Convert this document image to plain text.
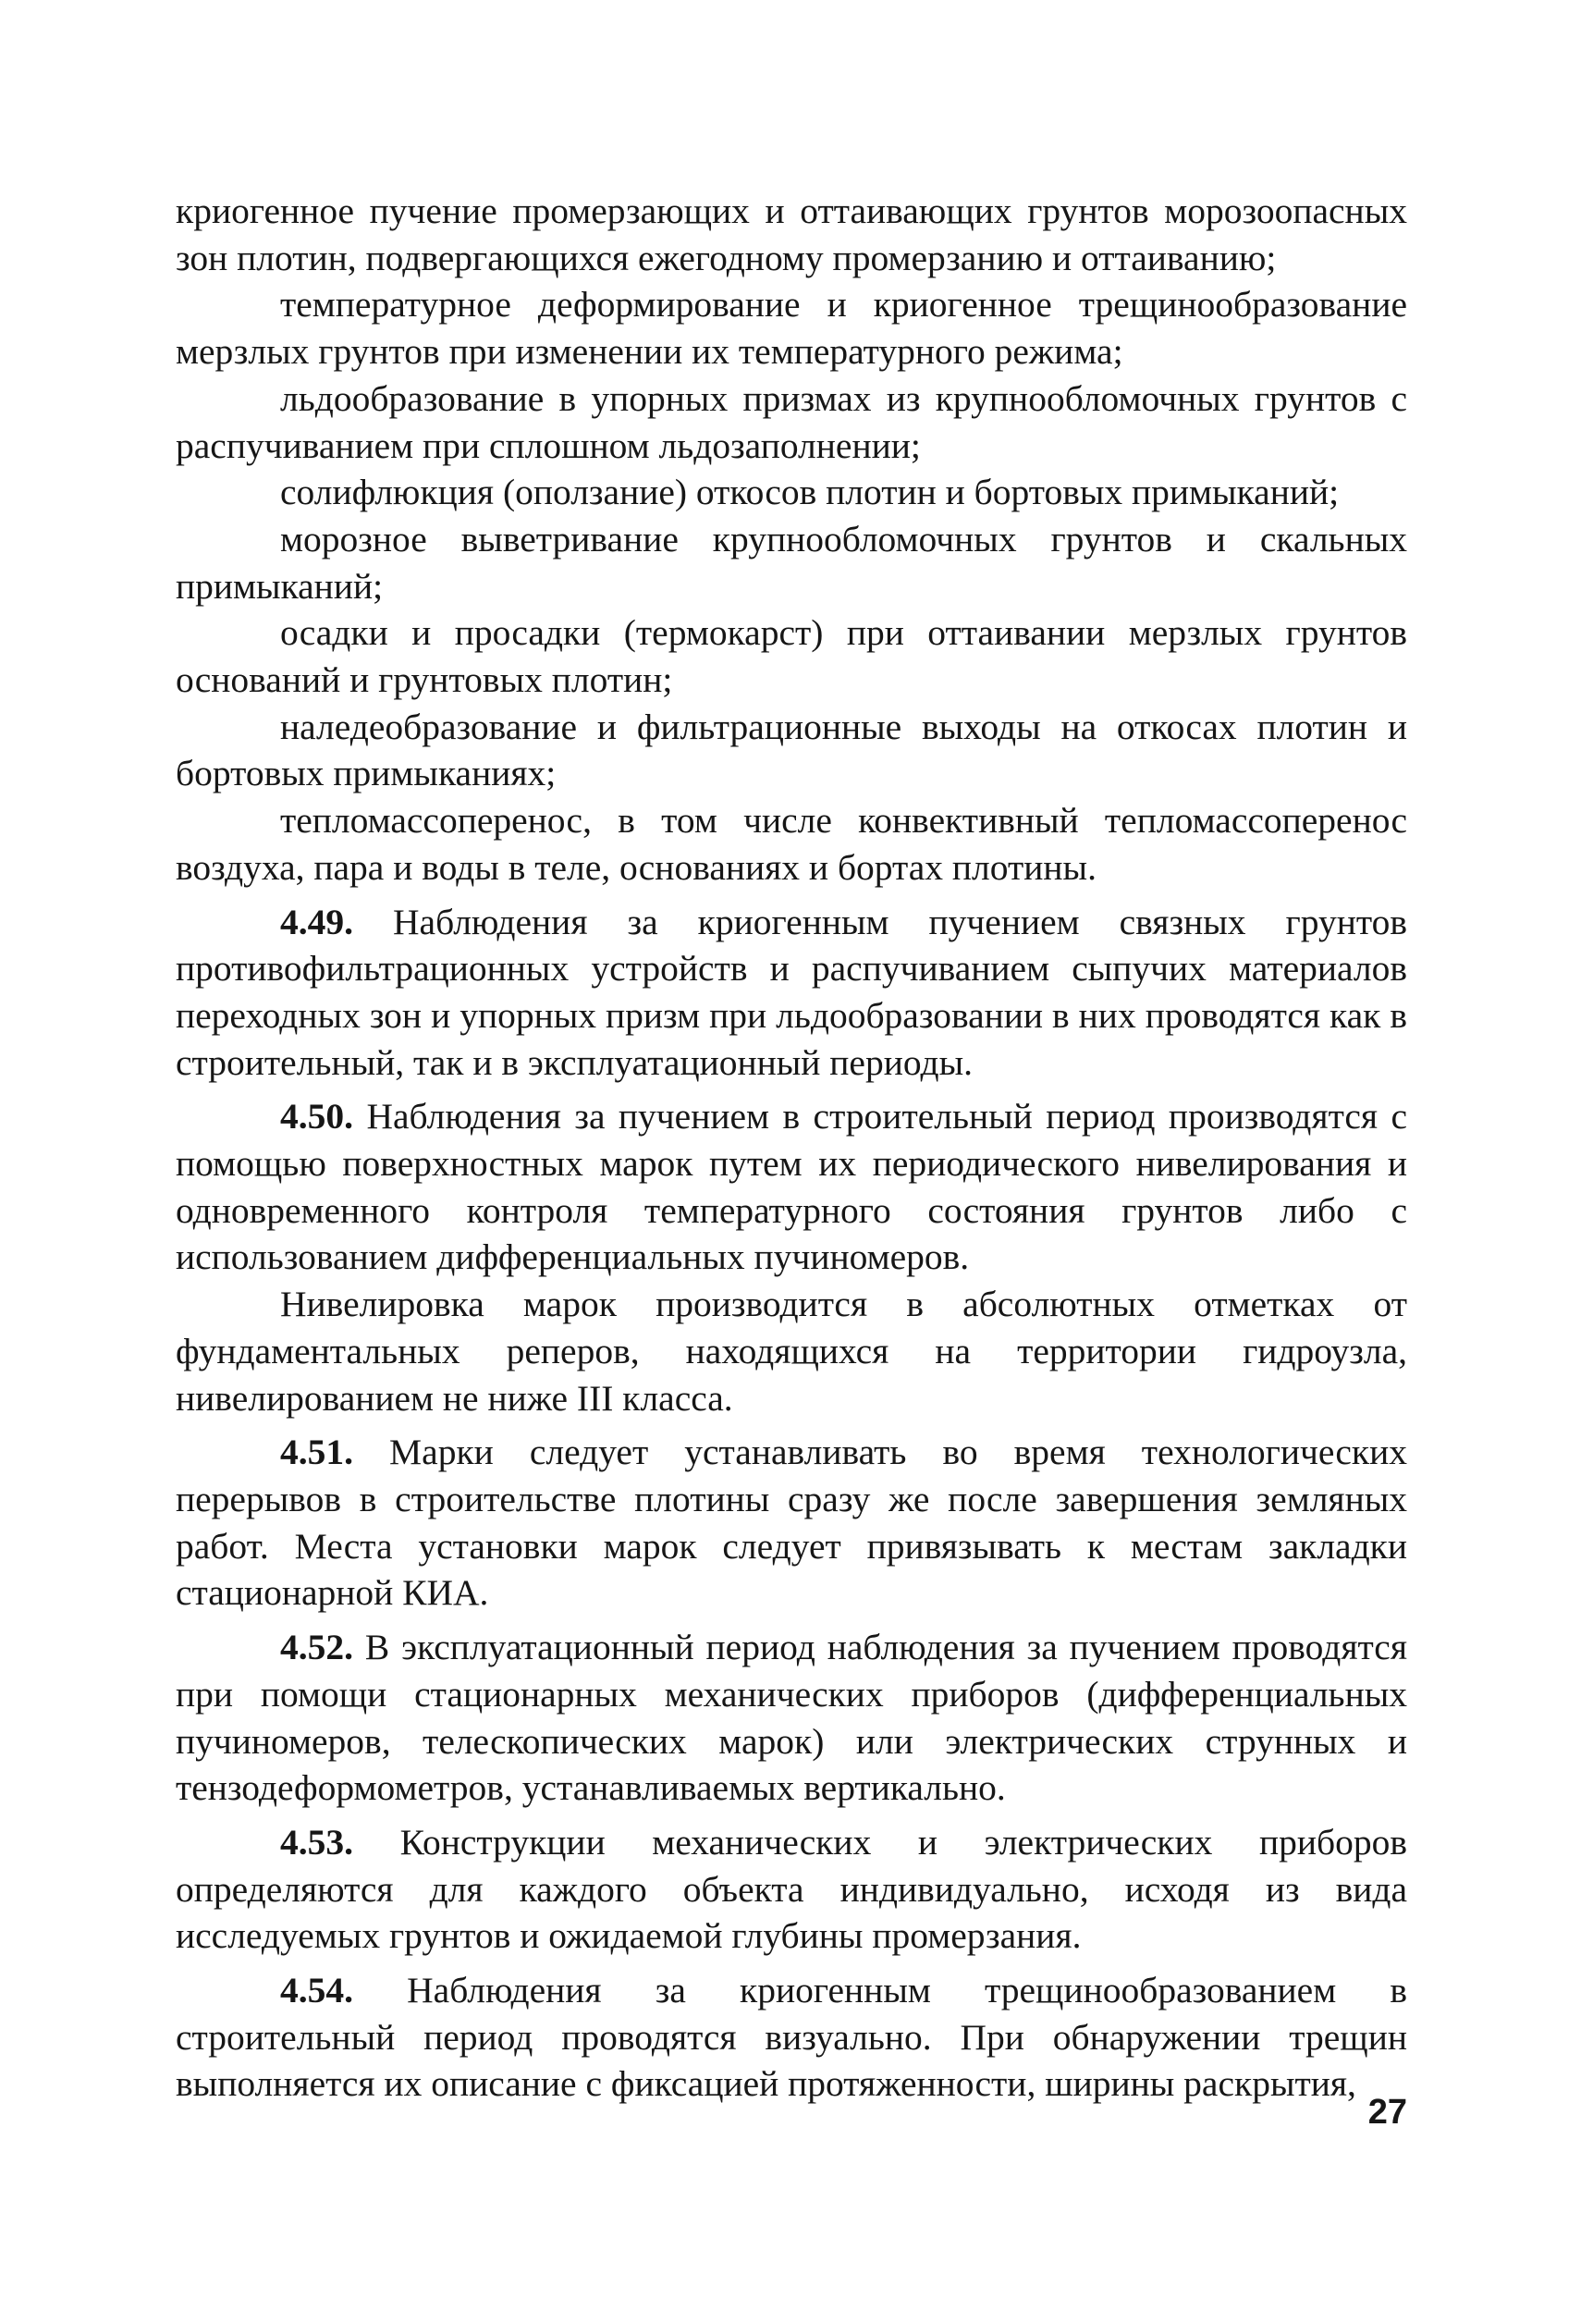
криогенное пучение промерзающих и оттаивающих грунтов морозоопасных зон плотин, подвергающихся ежегодному промерзанию и оттаиванию;

температурное деформирование и криогенное трещинообразование мерзлых грунтов при изменении их температурного режима;

льдообразование в упорных призмах из крупнообломочных грунтов с распучиванием при сплошном льдозаполнении;

солифлюкция (оползание) откосов плотин и бортовых примыканий;

морозное выветривание крупнообломочных грунтов и скальных примыканий;

осадки и просадки (термокарст) при оттаивании мерзлых грунтов оснований и грунтовых плотин;

наледеобразование и фильтрационные выходы на откосах плотин и бортовых примыканиях;

тепломассоперенос, в том числе конвективный тепломассоперенос воздуха, пара и воды в теле, основаниях и бортах плотины.

4.49. Наблюдения за криогенным пучением связных грунтов противофильтрационных устройств и распучиванием сыпучих материалов переходных зон и упорных призм при льдообразовании в них проводятся как в строительный, так и в эксплуатационный периоды.

4.50. Наблюдения за пучением в строительный период производятся с помощью поверхностных марок путем их периодического нивелирования и одновременного контроля температурного состояния грунтов либо с использованием дифференциальных пучиномеров.

Нивелировка марок производится в абсолютных отметках от фундаментальных реперов, находящихся на территории гидроузла, нивелированием не ниже III класса.

4.51. Марки следует устанавливать во время технологических перерывов в строительстве плотины сразу же после завершения земляных работ. Места установки марок следует привязывать к местам закладки стационарной КИА.

4.52. В эксплуатационный период наблюдения за пучением проводятся при помощи стационарных механических приборов (дифференциальных пучиномеров, телескопических марок) или электрических струнных и тензодеформометров, устанавливаемых вертикально.

4.53. Конструкции механических и электрических приборов определяются для каждого объекта индивидуально, исходя из вида исследуемых грунтов и ожидаемой глубины промерзания.

4.54. Наблюдения за криогенным трещинообразованием в строительный период проводятся визуально. При обнаружении трещин выполняется их описание с фиксацией протяженности, ширины раскрытия,

27
